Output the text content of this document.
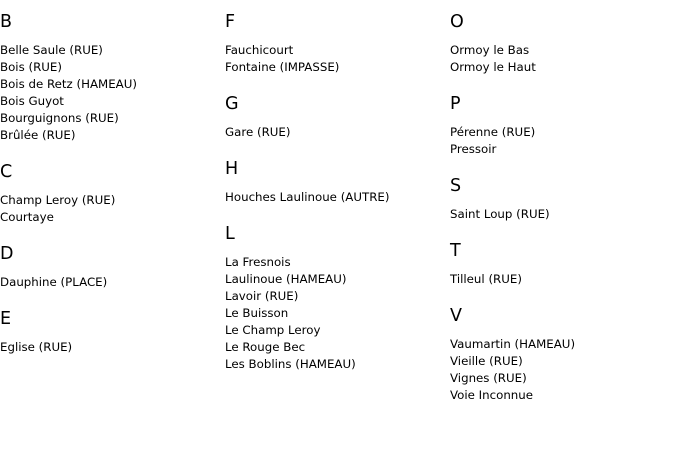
B
Belle Saule (RUE)
Bois (RUE)
Bois de Retz (HAMEAU)
Bois Guyot
Bourguignons (RUE)
Brûlée (RUE)
C
Champ Leroy (RUE)
Courtaye
D
Dauphine (PLACE)
E
Eglise (RUE)
F
Fauchicourt
Fontaine (IMPASSE)
G
Gare (RUE)
H
Houches Laulinoue (AUTRE)
L
La Fresnois
Laulinoue (HAMEAU)
Lavoir (RUE)
Le Buisson
Le Champ Leroy
Le Rouge Bec
Les Boblins (HAMEAU)
O
Ormoy le Bas
Ormoy le Haut
P
Pérenne (RUE)
Pressoir
S
Saint Loup (RUE)
T
Tilleul (RUE)
V
Vaumartin (HAMEAU)
Vieille (RUE)
Vignes (RUE)
Voie Inconnue
